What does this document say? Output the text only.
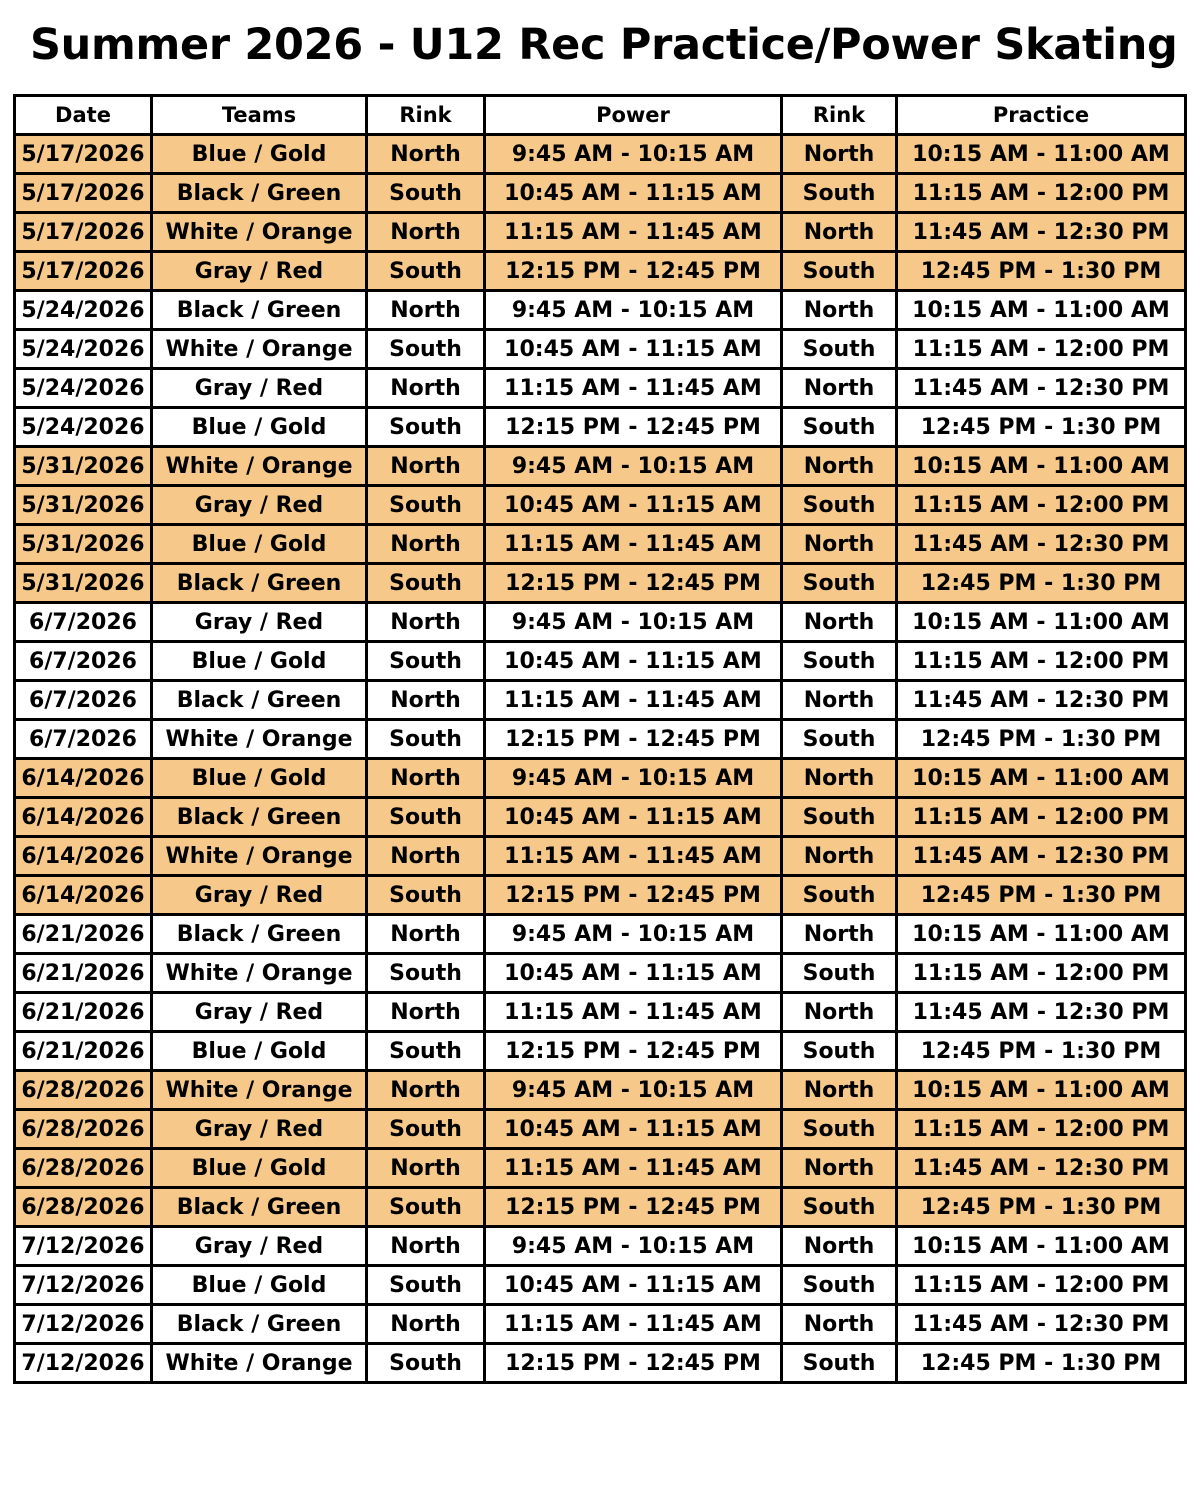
Summer 2026 - U12 Rec Practice/Power Skating
Date	Teams	Rink	Power	Rink	Practice
5/17/2026	Blue / Gold	North	9:45 AM - 10:15 AM	North	10:15 AM - 11:00 AM
5/17/2026	Black / Green	South	10:45 AM - 11:15 AM	South	11:15 AM - 12:00 PM
5/17/2026	White / Orange	North	11:15 AM - 11:45 AM	North	11:45 AM - 12:30 PM
5/17/2026	Gray / Red	South	12:15 PM - 12:45 PM	South	12:45 PM - 1:30 PM
5/24/2026	Black / Green	North	9:45 AM - 10:15 AM	North	10:15 AM - 11:00 AM
5/24/2026	White / Orange	South	10:45 AM - 11:15 AM	South	11:15 AM - 12:00 PM
5/24/2026	Gray / Red	North	11:15 AM - 11:45 AM	North	11:45 AM - 12:30 PM
5/24/2026	Blue / Gold	South	12:15 PM - 12:45 PM	South	12:45 PM - 1:30 PM
5/31/2026	White / Orange	North	9:45 AM - 10:15 AM	North	10:15 AM - 11:00 AM
5/31/2026	Gray / Red	South	10:45 AM - 11:15 AM	South	11:15 AM - 12:00 PM
5/31/2026	Blue / Gold	North	11:15 AM - 11:45 AM	North	11:45 AM - 12:30 PM
5/31/2026	Black / Green	South	12:15 PM - 12:45 PM	South	12:45 PM - 1:30 PM
6/7/2026	Gray / Red	North	9:45 AM - 10:15 AM	North	10:15 AM - 11:00 AM
6/7/2026	Blue / Gold	South	10:45 AM - 11:15 AM	South	11:15 AM - 12:00 PM
6/7/2026	Black / Green	North	11:15 AM - 11:45 AM	North	11:45 AM - 12:30 PM
6/7/2026	White / Orange	South	12:15 PM - 12:45 PM	South	12:45 PM - 1:30 PM
6/14/2026	Blue / Gold	North	9:45 AM - 10:15 AM	North	10:15 AM - 11:00 AM
6/14/2026	Black / Green	South	10:45 AM - 11:15 AM	South	11:15 AM - 12:00 PM
6/14/2026	White / Orange	North	11:15 AM - 11:45 AM	North	11:45 AM - 12:30 PM
6/14/2026	Gray / Red	South	12:15 PM - 12:45 PM	South	12:45 PM - 1:30 PM
6/21/2026	Black / Green	North	9:45 AM - 10:15 AM	North	10:15 AM - 11:00 AM
6/21/2026	White / Orange	South	10:45 AM - 11:15 AM	South	11:15 AM - 12:00 PM
6/21/2026	Gray / Red	North	11:15 AM - 11:45 AM	North	11:45 AM - 12:30 PM
6/21/2026	Blue / Gold	South	12:15 PM - 12:45 PM	South	12:45 PM - 1:30 PM
6/28/2026	White / Orange	North	9:45 AM - 10:15 AM	North	10:15 AM - 11:00 AM
6/28/2026	Gray / Red	South	10:45 AM - 11:15 AM	South	11:15 AM - 12:00 PM
6/28/2026	Blue / Gold	North	11:15 AM - 11:45 AM	North	11:45 AM - 12:30 PM
6/28/2026	Black / Green	South	12:15 PM - 12:45 PM	South	12:45 PM - 1:30 PM
7/12/2026	Gray / Red	North	9:45 AM - 10:15 AM	North	10:15 AM - 11:00 AM
7/12/2026	Blue / Gold	South	10:45 AM - 11:15 AM	South	11:15 AM - 12:00 PM
7/12/2026	Black / Green	North	11:15 AM - 11:45 AM	North	11:45 AM - 12:30 PM
7/12/2026	White / Orange	South	12:15 PM - 12:45 PM	South	12:45 PM - 1:30 PM
